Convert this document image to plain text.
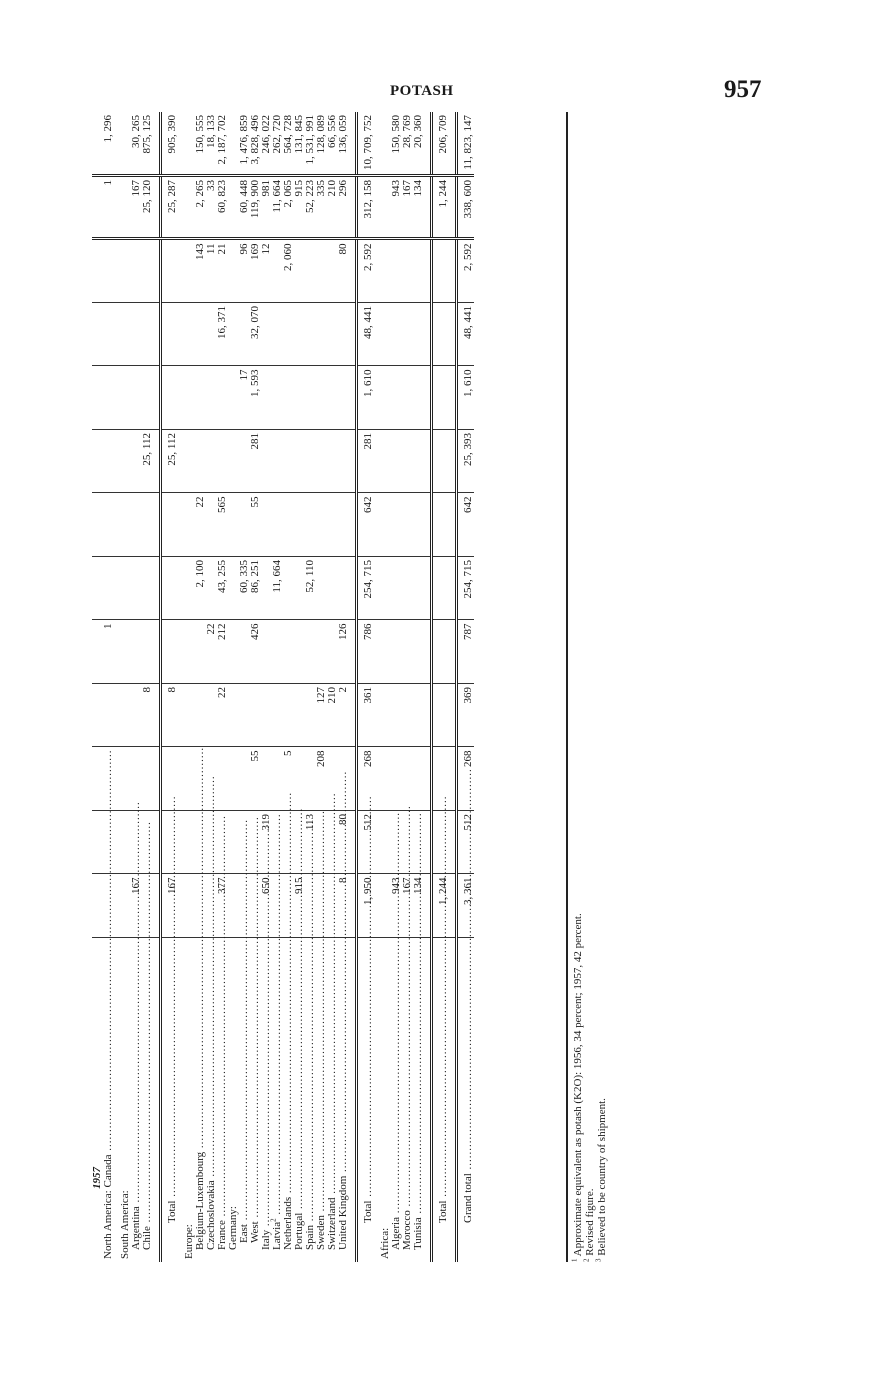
POTASH	957
1957													
North America: Canada .....					1							1	1, 296

South America:													
Argentina .....	167											167	30, 265
Chile .....				8				25, 112				25, 120	875, 125

Total .....	167			8				25, 112				25, 287	905, 390

Europe:													
Belgium-Luxembourg .....						2, 100	22				143	2, 265	150, 555
Czechoslovakia .....					22						11	33	18, 133
France .....	377			22	212	43, 255	565			16, 371	21	60, 823	2, 187, 702
Germany:													
East .....						60, 335			17		96	60, 448	1, 476, 859
West .....			55		426	86, 251	55	281	1, 593	32, 070	169	119, 900	3, 828, 496
Italy .....	650	319									12	981	246, 022
Latvia$^2$ .....						11, 664						11, 664	262, 720
Netherlands .....			5								2, 060	2, 065	564, 728
Portugal .....	915											915	131, 845
Spain .....		113				52, 110						52, 223	1, 531, 991
Sweden .....			208	127								335	128, 089
Switzerland .....				210								210	66, 556
United Kingdom .....	8	80		2	126						80	296	136, 059

Total .....	1, 950	512	268	361	786	254, 715	642	281	1, 610	48, 441	2, 592	312, 158	10, 709, 752

Africa:													
Algeria .....	943											943	150, 580
Morocco .....	167											167	28, 769
Tunisia .....	134											134	20, 360

Total .....	1, 244											1, 244	206, 709

Grand total .....	3, 361	512	268	369	787	254, 715	642	25, 393	1, 610	48, 441	2, 592	338, 600	11, 823, 147
$^1$ Approximate equivalent as potash (K2O): 1956, 34 percent; 1957, 42 percent.
$^2$ Revised figure.
$^3$ Believed to be country of shipment.
